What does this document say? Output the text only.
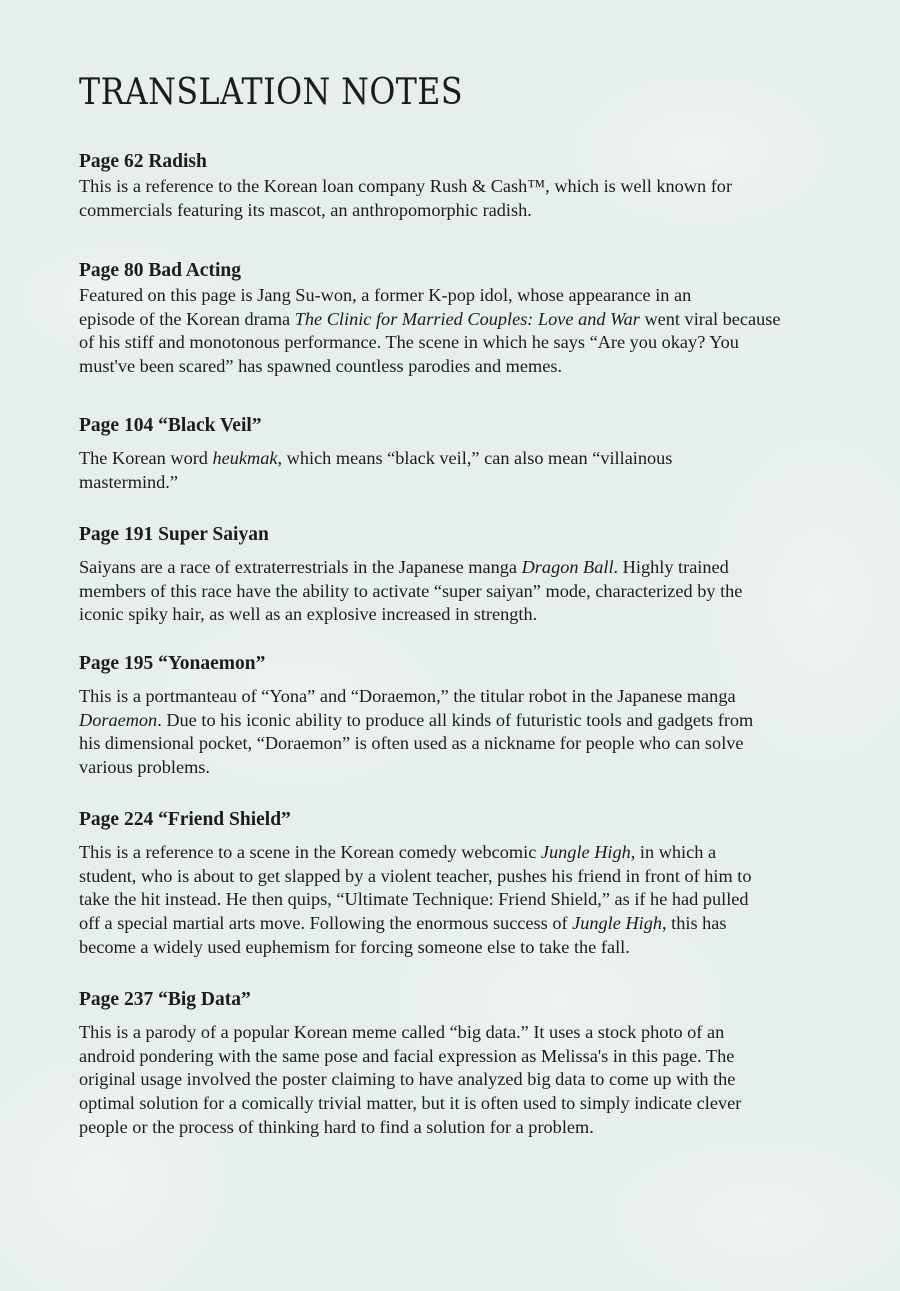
TRANSLATION NOTES
Page 62 Radish
This is a reference to the Korean loan company Rush & Cash™, which is well known for
commercials featuring its mascot, an anthropomorphic radish.
Page 80 Bad Acting
Featured on this page is Jang Su-won, a former K-pop idol, whose appearance in an
episode of the Korean drama The Clinic for Married Couples: Love and War went viral because
of his stiff and monotonous performance. The scene in which he says “Are you okay? You
must've been scared” has spawned countless parodies and memes.
Page 104 “Black Veil”
The Korean word heukmak, which means “black veil,” can also mean “villainous
mastermind.”
Page 191 Super Saiyan
Saiyans are a race of extraterrestrials in the Japanese manga Dragon Ball. Highly trained
members of this race have the ability to activate “super saiyan” mode, characterized by the
iconic spiky hair, as well as an explosive increased in strength.
Page 195 “Yonaemon”
This is a portmanteau of “Yona” and “Doraemon,” the titular robot in the Japanese manga
Doraemon. Due to his iconic ability to produce all kinds of futuristic tools and gadgets from
his dimensional pocket, “Doraemon” is often used as a nickname for people who can solve
various problems.
Page 224 “Friend Shield”
This is a reference to a scene in the Korean comedy webcomic Jungle High, in which a
student, who is about to get slapped by a violent teacher, pushes his friend in front of him to
take the hit instead. He then quips, “Ultimate Technique: Friend Shield,” as if he had pulled
off a special martial arts move. Following the enormous success of Jungle High, this has
become a widely used euphemism for forcing someone else to take the fall.
Page 237 “Big Data”
This is a parody of a popular Korean meme called “big data.” It uses a stock photo of an
android pondering with the same pose and facial expression as Melissa's in this page. The
original usage involved the poster claiming to have analyzed big data to come up with the
optimal solution for a comically trivial matter, but it is often used to simply indicate clever
people or the process of thinking hard to find a solution for a problem.
